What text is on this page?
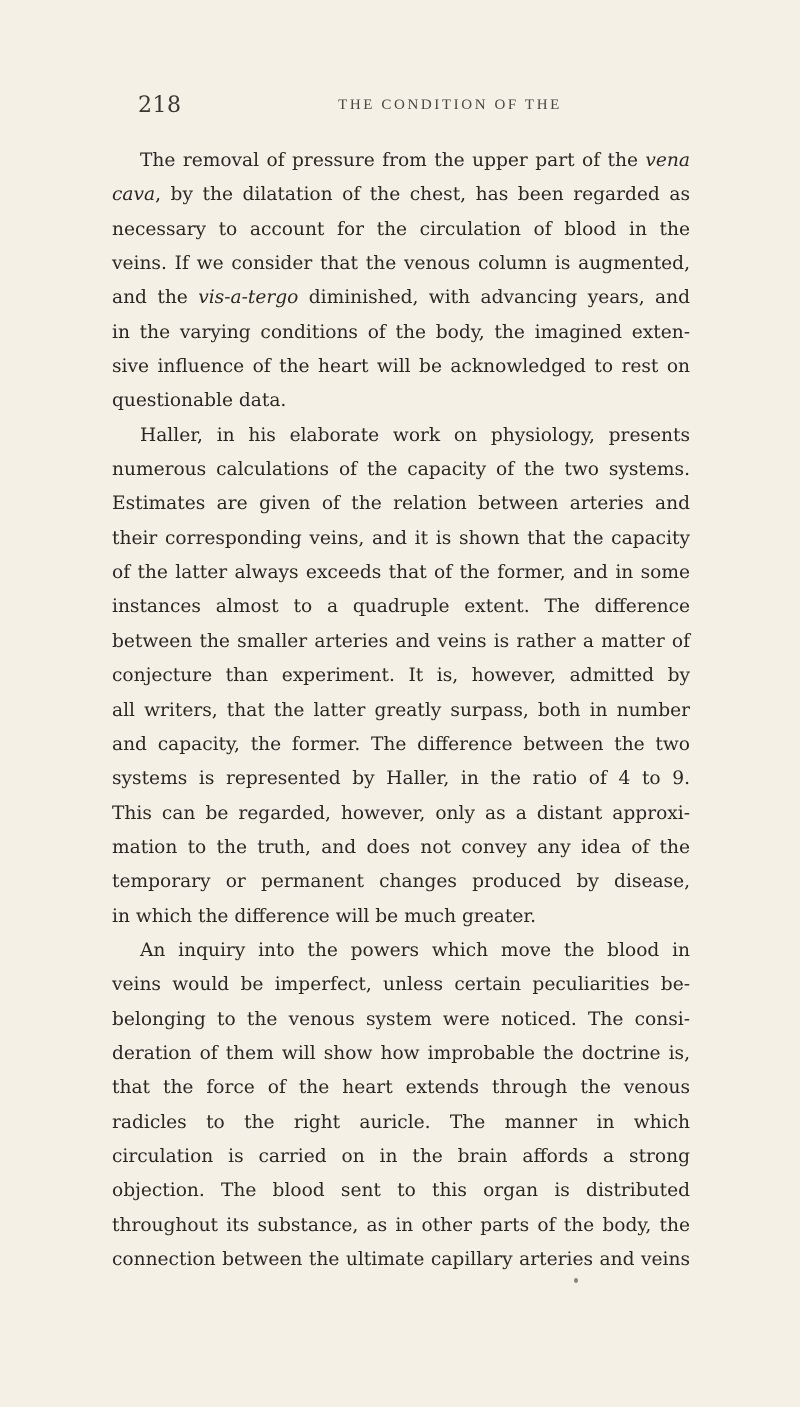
218	THE CONDITION OF THE
The removal of pressure from the upper part of the vena
cava, by the dilatation of the chest, has been regarded as
necessary to account for the circulation of blood in the
veins. If we consider that the venous column is augmented,
and the vis-a-tergo diminished, with advancing years, and
in the varying conditions of the body, the imagined exten-
sive influence of the heart will be acknowledged to rest on
questionable data.
Haller, in his elaborate work on physiology, presents
numerous calculations of the capacity of the two systems.
Estimates are given of the relation between arteries and
their corresponding veins, and it is shown that the capacity
of the latter always exceeds that of the former, and in some
instances almost to a quadruple extent. The difference
between the smaller arteries and veins is rather a matter of
conjecture than experiment. It is, however, admitted by
all writers, that the latter greatly surpass, both in number
and capacity, the former. The difference between the two
systems is represented by Haller, in the ratio of 4 to 9.
This can be regarded, however, only as a distant approxi-
mation to the truth, and does not convey any idea of the
temporary or permanent changes produced by disease,
in which the difference will be much greater.
An inquiry into the powers which move the blood in
veins would be imperfect, unless certain peculiarities be-
belonging to the venous system were noticed. The consi-
deration of them will show how improbable the doctrine is,
that the force of the heart extends through the venous
radicles to the right auricle. The manner in which
circulation is carried on in the brain affords a strong
objection. The blood sent to this organ is distributed
throughout its substance, as in other parts of the body, the
connection between the ultimate capillary arteries and veins
